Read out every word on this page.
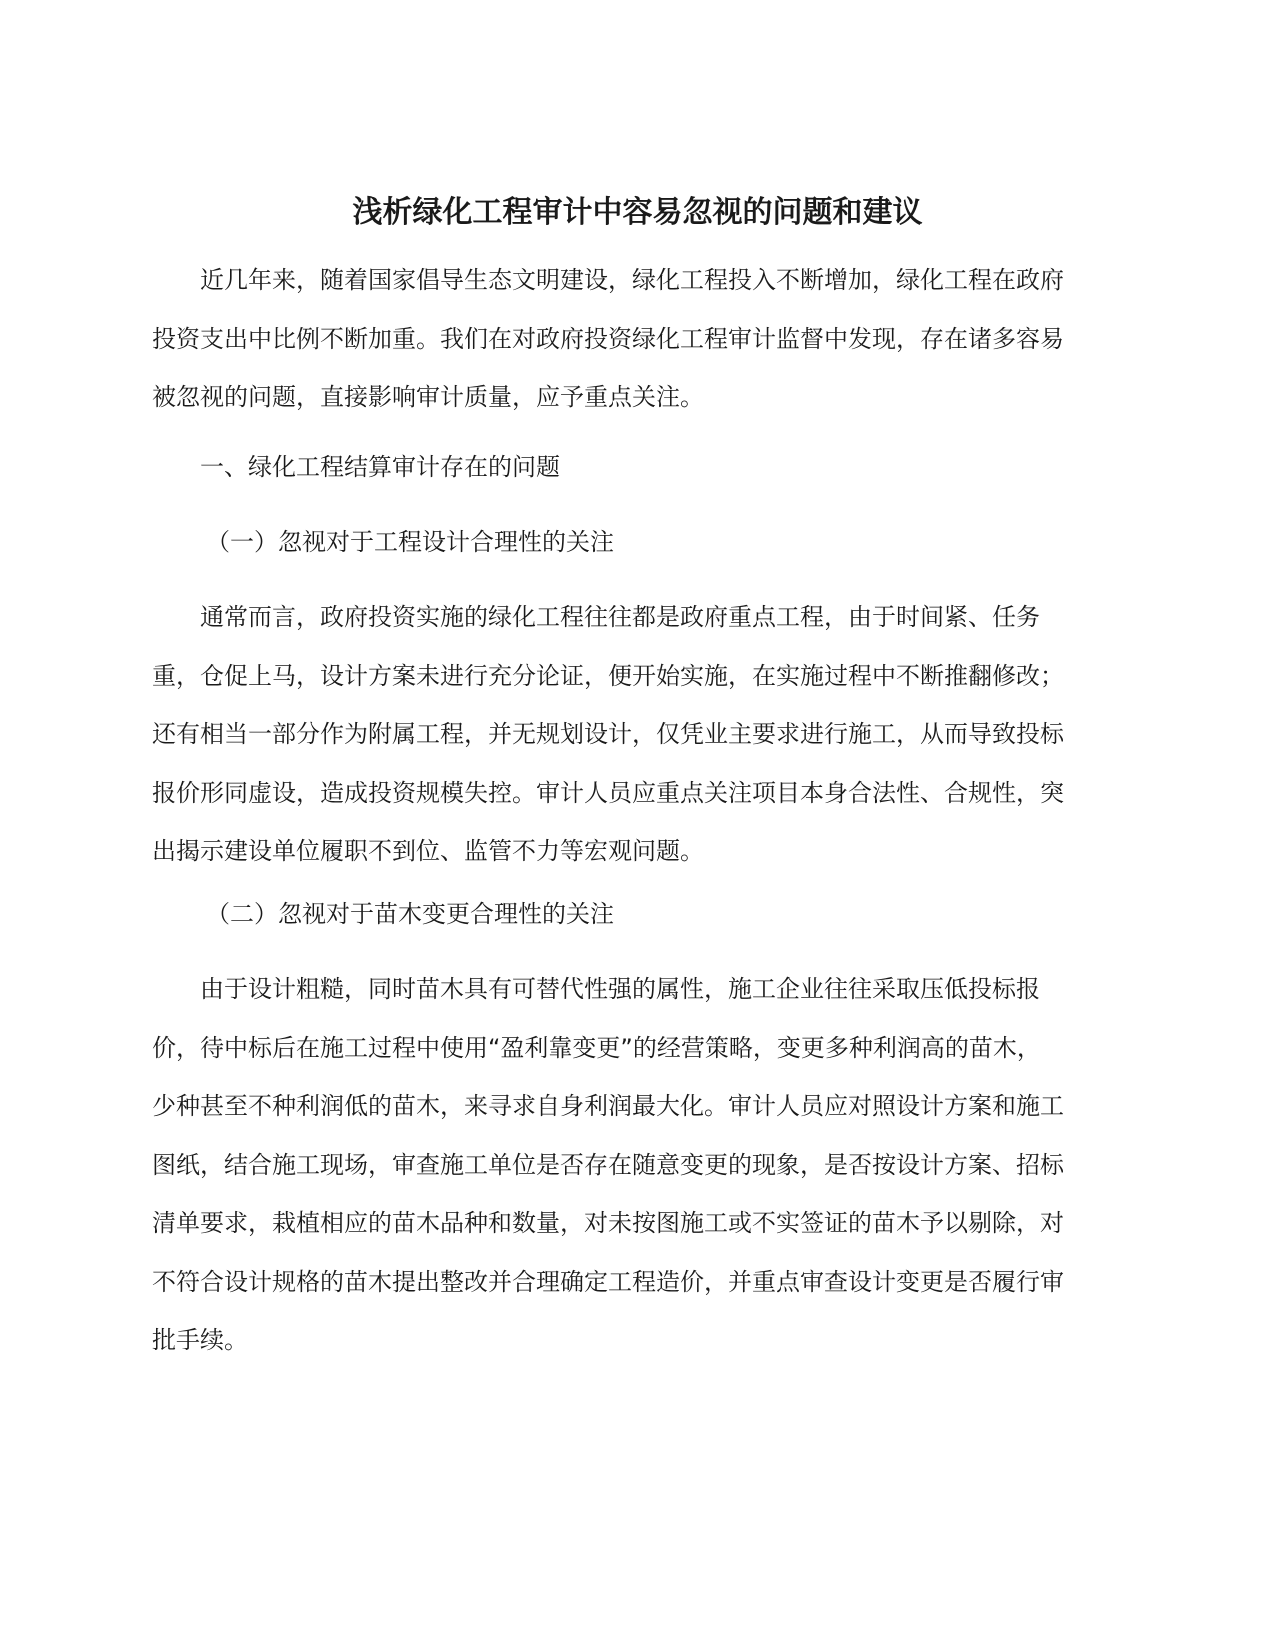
浅析绿化工程审计中容易忽视的问题和建议
近几年来，随着国家倡导生态文明建设，绿化工程投入不断增加，绿化工程在政府
投资支出中比例不断加重。我们在对政府投资绿化工程审计监督中发现，存在诸多容易
被忽视的问题，直接影响审计质量，应予重点关注。
一、绿化工程结算审计存在的问题
（一）忽视对于工程设计合理性的关注
通常而言，政府投资实施的绿化工程往往都是政府重点工程，由于时间紧、任务
重，仓促上马，设计方案未进行充分论证，便开始实施，在实施过程中不断推翻修改；
还有相当一部分作为附属工程，并无规划设计，仅凭业主要求进行施工，从而导致投标
报价形同虚设，造成投资规模失控。审计人员应重点关注项目本身合法性、合规性，突
出揭示建设单位履职不到位、监管不力等宏观问题。
（二）忽视对于苗木变更合理性的关注
由于设计粗糙，同时苗木具有可替代性强的属性，施工企业往往采取压低投标报
价，待中标后在施工过程中使用“盈利靠变更”的经营策略，变更多种利润高的苗木，
少种甚至不种利润低的苗木，来寻求自身利润最大化。审计人员应对照设计方案和施工
图纸，结合施工现场，审查施工单位是否存在随意变更的现象，是否按设计方案、招标
清单要求，栽植相应的苗木品种和数量，对未按图施工或不实签证的苗木予以剔除，对
不符合设计规格的苗木提出整改并合理确定工程造价，并重点审查设计变更是否履行审
批手续。
